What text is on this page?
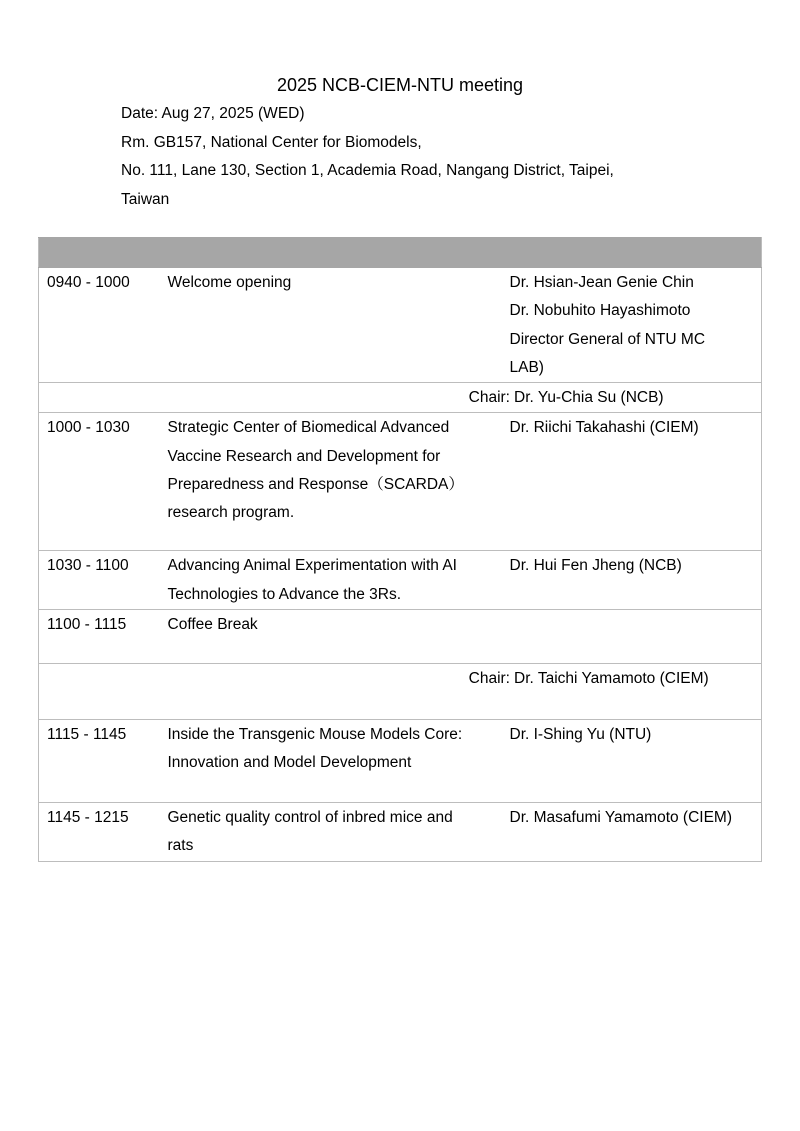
2025 NCB-CIEM-NTU meeting
Date: Aug 27, 2025 (WED)
Rm. GB157, National Center for Biomodels,
No. 111, Lane 130, Section 1, Academia Road, Nangang District, Taipei,
Taiwan

0940 - 1000	Welcome opening	Dr. Hsian-Jean Genie Chin
Dr. Nobuhito Hayashimoto
Director General of NTU MC
LAB)

Chair: Dr. Yu-Chia Su (NCB)		
1000 - 1030	Strategic Center of Biomedical Advanced
Vaccine Research and Development for
Preparedness and Response（SCARDA）
research program.	Dr. Riichi Takahashi (CIEM)

1030 - 1100	Advancing Animal Experimentation with AI
Technologies to Advance the 3Rs.	Dr. Hui Fen Jheng (NCB)

1100 - 1115	Coffee Break	

Chair: Dr. Taichi Yamamoto (CIEM)		
1115 - 1145	Inside the Transgenic Mouse Models Core:
Innovation and Model Development	Dr. I-Shing Yu (NTU)

1145 - 1215	Genetic quality control of inbred mice and
rats	Dr. Masafumi Yamamoto (CIEM)
